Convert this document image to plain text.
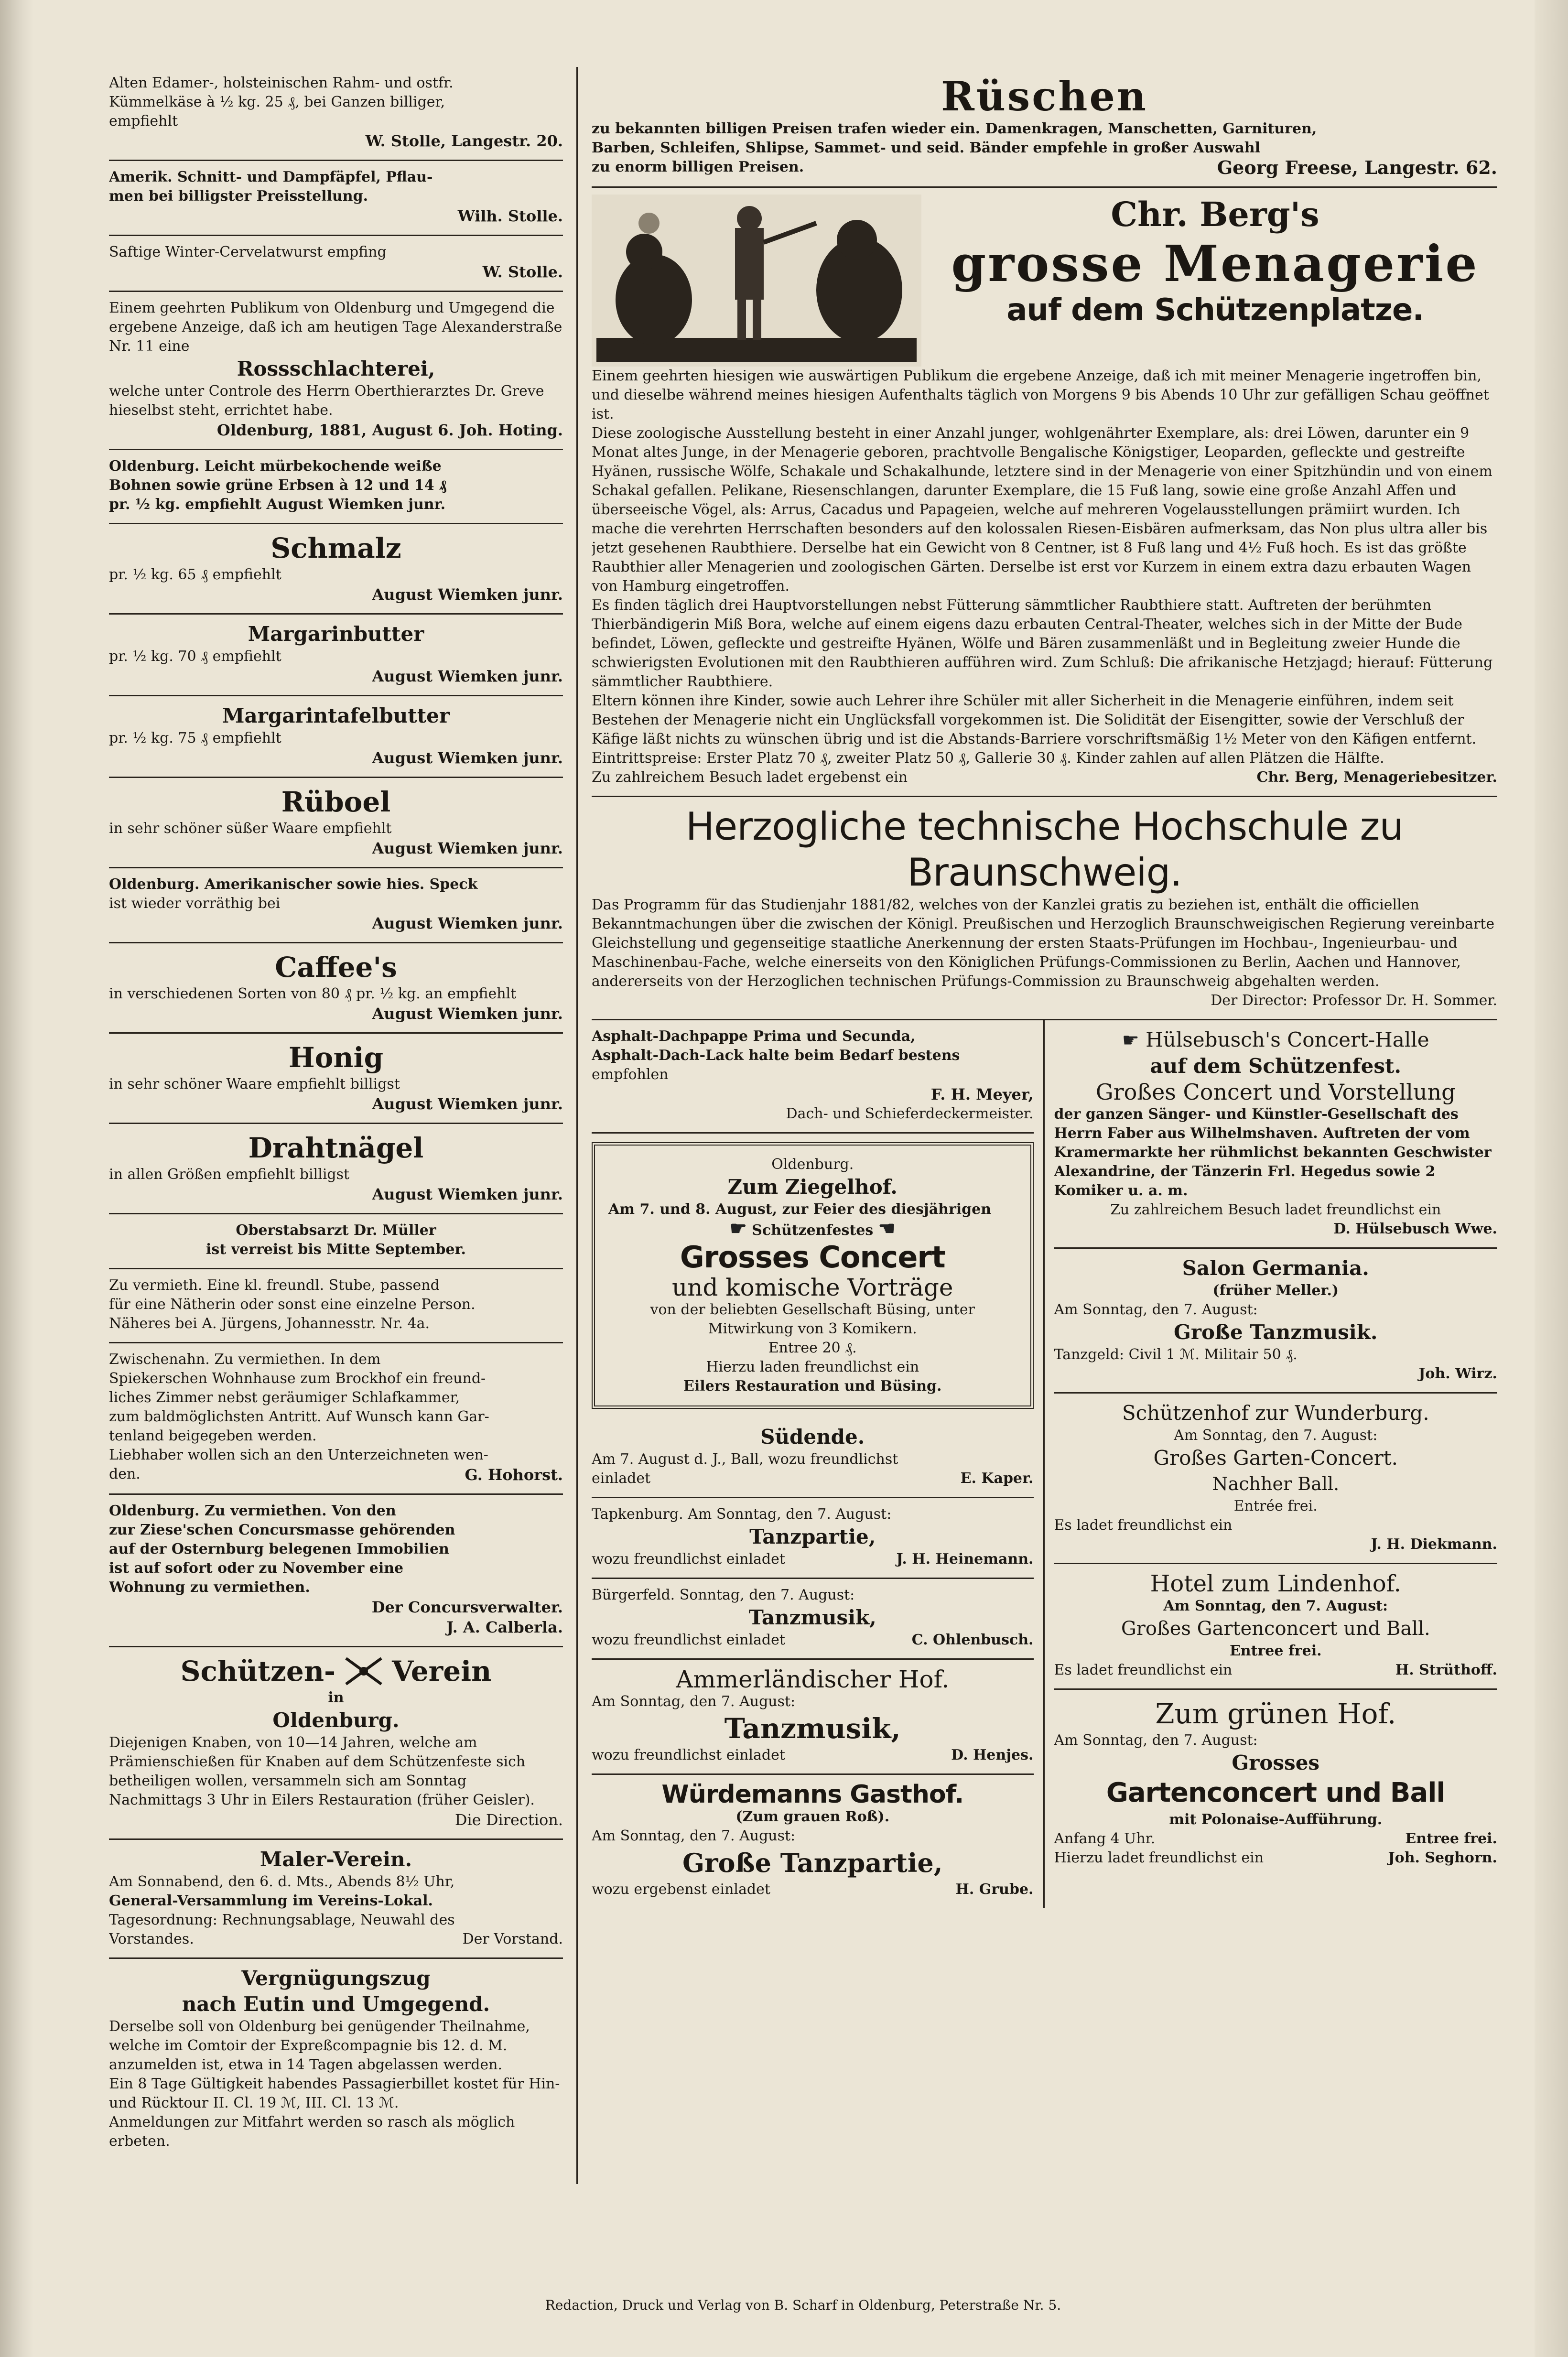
Alten Edamer-, holsteinischen Rahm- und ostfr.

Kümmelkäse à ½ kg. 25 ₰, bei Ganzen billiger,

empfiehlt

W. Stolle, Langestr. 20.

Amerik. Schnitt- und Dampfäpfel, Pflau-

men bei billigster Preisstellung.

Wilh. Stolle.

Saftige Winter-Cervelatwurst empfing

W. Stolle.

Einem geehrten Publikum von Oldenburg und Umgegend die ergebene Anzeige, daß ich am heutigen Tage Alexanderstraße Nr. 11 eine

Rossschlachterei,

welche unter Controle des Herrn Oberthierarztes Dr. Greve hieselbst steht, errichtet habe.

Oldenburg, 1881, August 6. Joh. Hoting.

Oldenburg. Leicht mürbekochende weiße

Bohnen sowie grüne Erbsen à 12 und 14 ₰

pr. ½ kg. empfiehlt August Wiemken junr.

Schmalz

pr. ½ kg. 65 ₰ empfiehlt

August Wiemken junr.

Margarinbutter

pr. ½ kg. 70 ₰ empfiehlt

August Wiemken junr.

Margarintafelbutter

pr. ½ kg. 75 ₰ empfiehlt

August Wiemken junr.

Rüboel

in sehr schöner süßer Waare empfiehlt

August Wiemken junr.

Oldenburg. Amerikanischer sowie hies. Speck

ist wieder vorräthig bei

August Wiemken junr.

Caffee's

in verschiedenen Sorten von 80 ₰ pr. ½ kg. an empfiehlt

August Wiemken junr.

Honig

in sehr schöner Waare empfiehlt billigst

August Wiemken junr.

Drahtnägel

in allen Größen empfiehlt billigst

August Wiemken junr.

Oberstabsarzt Dr. Müller

ist verreist bis Mitte September.

Zu vermieth. Eine kl. freundl. Stube, passend

für eine Nätherin oder sonst eine einzelne Person.

Näheres bei A. Jürgens, Johannesstr. Nr. 4a.

Zwischenahn. Zu vermiethen. In dem

Spiekerschen Wohnhause zum Brockhof ein freund-

liches Zimmer nebst geräumiger Schlafkammer,

zum baldmöglichsten Antritt. Auf Wunsch kann Gar-

tenland beigegeben werden.

Liebhaber wollen sich an den Unterzeichneten wen-

den.	G. Hohorst.

Oldenburg. Zu vermiethen. Von den

zur Ziese'schen Concursmasse gehörenden

auf der Osternburg belegenen Immobilien

ist auf sofort oder zu November eine

Wohnung zu vermiethen.

Der Concursverwalter.

J. A. Calberla.

Schützen- Verein

in

Oldenburg.

Diejenigen Knaben, von 10—14 Jahren, welche am Prämienschießen für Knaben auf dem Schützenfeste sich betheiligen wollen, versammeln sich am Sonntag Nachmittags 3 Uhr in Eilers Restauration (früher Geisler).

Die Direction.

Maler-Verein.

Am Sonnabend, den 6. d. Mts., Abends 8½ Uhr,

General-Versammlung im Vereins-Lokal.

Tagesordnung: Rechnungsablage, Neuwahl des

Vorstandes.	Der Vorstand.

Vergnügungszug

nach Eutin und Umgegend.

Derselbe soll von Oldenburg bei genügender Theilnahme, welche im Comtoir der Expreßcompagnie bis 12. d. M. anzumelden ist, etwa in 14 Tagen abgelassen werden.

Ein 8 Tage Gültigkeit habendes Passagierbillet kostet für Hin- und Rücktour II. Cl. 19 ℳ, III. Cl. 13 ℳ.

Anmeldungen zur Mitfahrt werden so rasch als möglich erbeten.

Rüschen

zu bekannten billigen Preisen trafen wieder ein. Damenkragen, Manschetten, Garnituren,

Barben, Schleifen, Shlipse, Sammet- und seid. Bänder empfehle in großer Auswahl

zu enorm billigen Preisen.	Georg Freese, Langestr. 62.

Chr. Berg's

grosse Menagerie

auf dem Schützenplatze.

Einem geehrten hiesigen wie auswärtigen Publikum die ergebene Anzeige, daß ich mit meiner Menagerie ingetroffen bin, und dieselbe während meines hiesigen Aufenthalts täglich von Morgens 9 bis Abends 10 Uhr zur gefälligen Schau geöffnet ist.

Diese zoologische Ausstellung besteht in einer Anzahl junger, wohlgenährter Exemplare, als: drei Löwen, darunter ein 9 Monat altes Junge, in der Menagerie geboren, prachtvolle Bengalische Königstiger, Leoparden, gefleckte und gestreifte Hyänen, russische Wölfe, Schakale und Schakalhunde, letztere sind in der Menagerie von einer Spitzhündin und von einem Schakal gefallen. Pelikane, Riesenschlangen, darunter Exemplare, die 15 Fuß lang, sowie eine große Anzahl Affen und überseeische Vögel, als: Arrus, Cacadus und Papageien, welche auf mehreren Vogelausstellungen prämiirt wurden. Ich mache die verehrten Herrschaften besonders auf den kolossalen Riesen-Eisbären aufmerksam, das Non plus ultra aller bis jetzt gesehenen Raubthiere. Derselbe hat ein Gewicht von 8 Centner, ist 8 Fuß lang und 4½ Fuß hoch. Es ist das größte Raubthier aller Menagerien und zoologischen Gärten. Derselbe ist erst vor Kurzem in einem extra dazu erbauten Wagen von Hamburg eingetroffen.

Es finden täglich drei Hauptvorstellungen nebst Fütterung sämmtlicher Raubthiere statt. Auftreten der berühmten Thierbändigerin Miß Bora, welche auf einem eigens dazu erbauten Central-Theater, welches sich in der Mitte der Bude befindet, Löwen, gefleckte und gestreifte Hyänen, Wölfe und Bären zusammenläßt und in Begleitung zweier Hunde die schwierigsten Evolutionen mit den Raubthieren aufführen wird. Zum Schluß: Die afrikanische Hetzjagd; hierauf: Fütterung sämmtlicher Raubthiere.

Eltern können ihre Kinder, sowie auch Lehrer ihre Schüler mit aller Sicherheit in die Menagerie einführen, indem seit Bestehen der Menagerie nicht ein Unglücksfall vorgekommen ist. Die Solidität der Eisengitter, sowie der Verschluß der Käfige läßt nichts zu wünschen übrig und ist die Abstands-Barriere vorschriftsmäßig 1½ Meter von den Käfigen entfernt.

Eintrittspreise: Erster Platz 70 ₰, zweiter Platz 50 ₰, Gallerie 30 ₰. Kinder zahlen auf allen Plätzen die Hälfte.

Zu zahlreichem Besuch ladet ergebenst ein	Chr. Berg, Menageriebesitzer.

Herzogliche technische Hochschule zu Braunschweig.

Das Programm für das Studienjahr 1881/82, welches von der Kanzlei gratis zu beziehen ist, enthält die officiellen Bekanntmachungen über die zwischen der Königl. Preußischen und Herzoglich Braunschweigischen Regierung vereinbarte Gleichstellung und gegenseitige staatliche Anerkennung der ersten Staats-Prüfungen im Hochbau-, Ingenieurbau- und Maschinenbau-Fache, welche einerseits von den Königlichen Prüfungs-Commissionen zu Berlin, Aachen und Hannover, andererseits von der Herzoglichen technischen Prüfungs-Commission zu Braunschweig abgehalten werden.

Der Director: Professor Dr. H. Sommer.

Asphalt-Dachpappe Prima und Secunda,

Asphalt-Dach-Lack halte beim Bedarf bestens

empfohlen

F. H. Meyer,

Dach- und Schieferdeckermeister.

Oldenburg.

Zum Ziegelhof.

Am 7. und 8. August, zur Feier des diesjährigen

☛ Schützenfestes ☚

Grosses Concert

und komische Vorträge

von der beliebten Gesellschaft Büsing, unter Mitwirkung von 3 Komikern.

Entree 20 ₰.

Hierzu laden freundlichst ein

Eilers Restauration und Büsing.

Südende.

Am 7. August d. J., Ball, wozu freundlichst

einladet	E. Kaper.

Tapkenburg. Am Sonntag, den 7. August:

Tanzpartie,

wozu freundlichst einladet	J. H. Heinemann.

Bürgerfeld. Sonntag, den 7. August:

Tanzmusik,

wozu freundlichst einladet	C. Ohlenbusch.

Ammerländischer Hof.

Am Sonntag, den 7. August:

Tanzmusik,

wozu freundlichst einladet	D. Henjes.

Würdemanns Gasthof.

(Zum grauen Roß).

Am Sonntag, den 7. August:

Große Tanzpartie,

wozu ergebenst einladet	H. Grube.

☛ Hülsebusch's Concert-Halle

auf dem Schützenfest.

Großes Concert und Vorstellung

der ganzen Sänger- und Künstler-Gesellschaft des Herrn Faber aus Wilhelmshaven. Auftreten der vom Kramermarkte her rühmlichst bekannten Geschwister Alexandrine, der Tänzerin Frl. Hegedus sowie 2 Komiker u. a. m.

Zu zahlreichem Besuch ladet freundlichst ein

D. Hülsebusch Wwe.

Salon Germania.

(früher Meller.)

Am Sonntag, den 7. August:

Große Tanzmusik.

Tanzgeld: Civil 1 ℳ. Militair 50 ₰.

Joh. Wirz.

Schützenhof zur Wunderburg.

Am Sonntag, den 7. August:

Großes Garten-Concert.

Nachher Ball.

Entrée frei.

Es ladet freundlichst ein

J. H. Diekmann.

Hotel zum Lindenhof.

Am Sonntag, den 7. August:

Großes Gartenconcert und Ball.

Entree frei.

Es ladet freundlichst ein	H. Strüthoff.

Zum grünen Hof.

Am Sonntag, den 7. August:

Grosses

Gartenconcert und Ball

mit Polonaise-Aufführung.

Anfang 4 Uhr.	Entree frei.

Hierzu ladet freundlichst ein	Joh. Seghorn.

Redaction, Druck und Verlag von B. Scharf in Oldenburg, Peterstraße Nr. 5.
